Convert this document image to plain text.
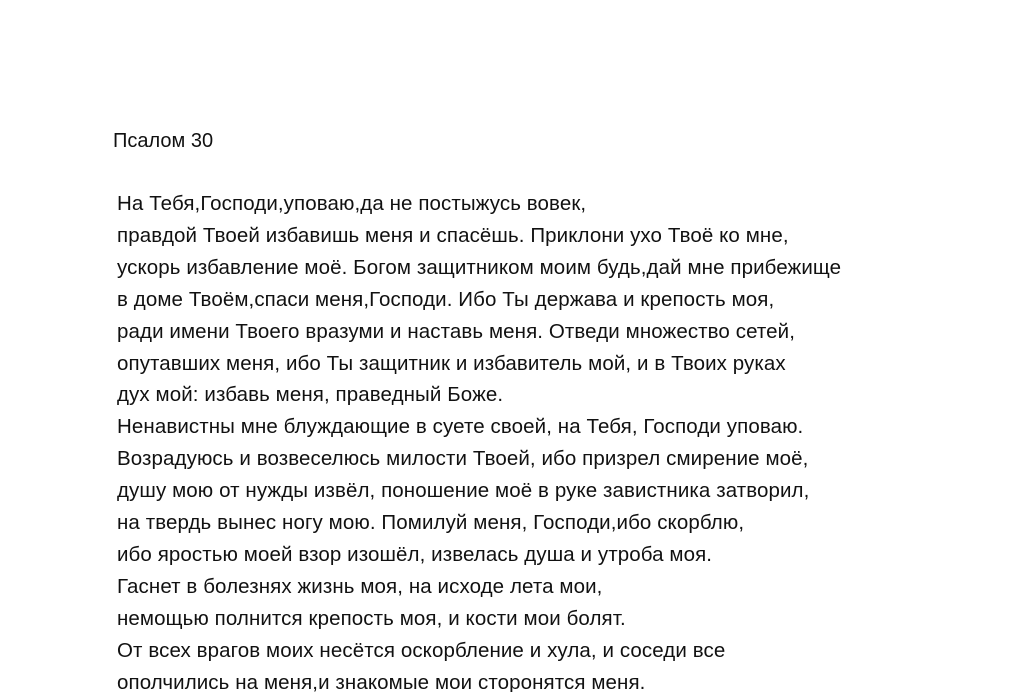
Псалом 30
На Тебя,Господи,уповаю,да не постыжусь вовек,
правдой Твоей избавишь меня и спасёшь. Приклони ухо Твоё ко мне,
ускорь избавление моё. Богом защитником моим будь,дай мне прибежище
в доме Твоём,спаси меня,Господи. Ибо Ты держава и крепость моя,
ради имени Твоего вразуми и наставь меня. Отведи множество сетей,
опутавших меня, ибо Ты защитник и избавитель мой, и в Твоих руках
дух мой: избавь меня, праведный Боже.
Ненавистны мне блуждающие в суете своей, на Тебя, Господи уповаю.
Возрадуюсь и возвеселюсь милости Твоей, ибо призрел смирение моё,
душу мою от нужды извёл, поношение моё в руке завистника затворил,
на твердь вынес ногу мою. Помилуй меня, Господи,ибо скорблю,
ибо яростью моей взор изошёл, извелась душа и утроба моя.
Гаснет в болезнях жизнь моя, на исходе лета мои,
немощью полнится крепость моя, и кости мои болят.
От всех врагов моих несётся оскорбление и хула, и соседи все
ополчились на меня,и знакомые мои сторонятся меня.
